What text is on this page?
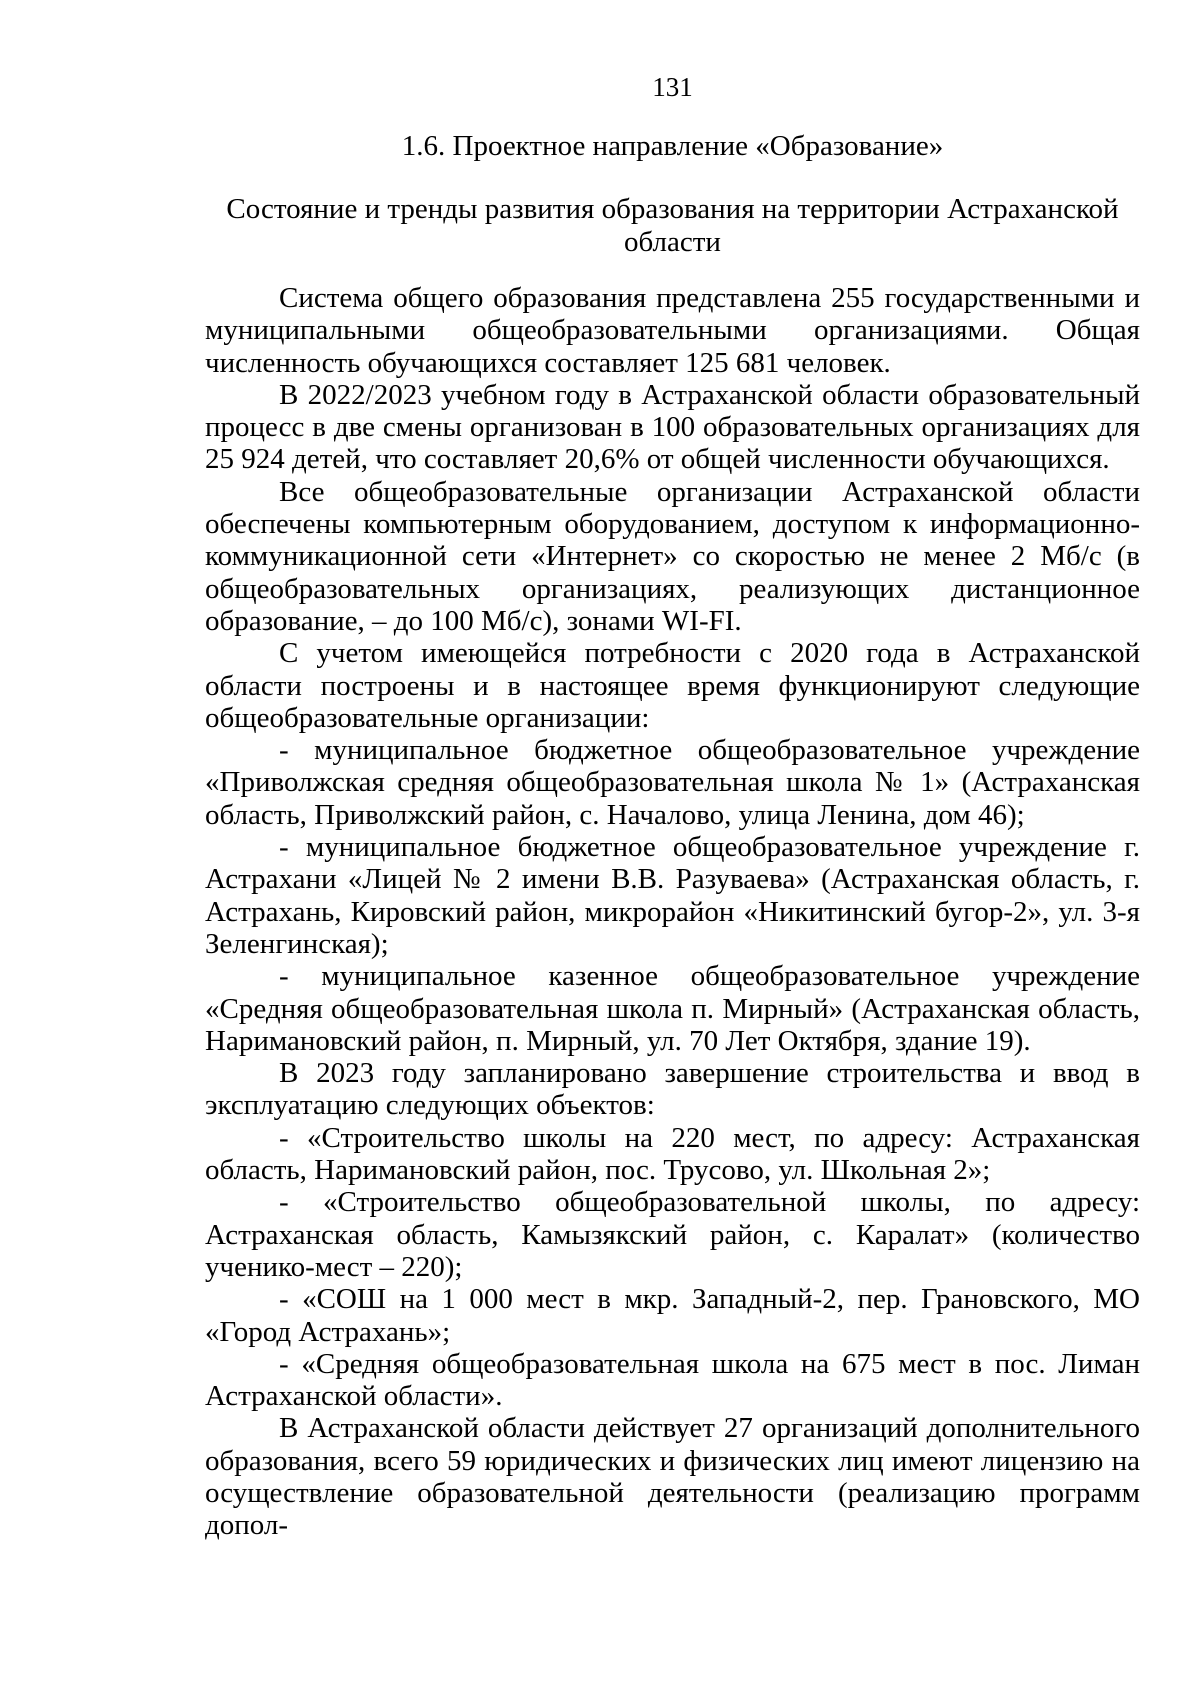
131
1.6. Проектное направление «Образование»
Состояние и тренды развития образования на территории Астраханской области

Система общего образования представлена 255 государственными и муниципальными общеобразовательными организациями. Общая численность обучающихся составляет 125 681 человек.

В 2022/2023 учебном году в Астраханской области образовательный процесс в две смены организован в 100 образовательных организациях для 25 924 детей, что составляет 20,6% от общей численности обучающихся.

Все общеобразовательные организации Астраханской области обеспечены компьютерным оборудованием, доступом к информационно-коммуникационной сети «Интернет» со скоростью не менее 2 Мб/с (в общеобразовательных организациях, реализующих дистанционное образование, – до 100 Мб/с), зонами WI-FI.

С учетом имеющейся потребности с 2020 года в Астраханской области построены и в настоящее время функционируют следующие общеобразовательные организации:

- муниципальное бюджетное общеобразовательное учреждение «Приволжская средняя общеобразовательная школа № 1» (Астраханская область, Приволжский район, с. Началово, улица Ленина, дом 46);

- муниципальное бюджетное общеобразовательное учреждение г. Астрахани «Лицей № 2 имени В.В. Разуваева» (Астраханская область, г. Астрахань, Кировский район, микрорайон «Никитинский бугор-2», ул. 3-я Зеленгинская);

- муниципальное казенное общеобразовательное учреждение «Средняя общеобразовательная школа п. Мирный» (Астраханская область, Наримановский район, п. Мирный, ул. 70 Лет Октября, здание 19).

В 2023 году запланировано завершение строительства и ввод в эксплуатацию следующих объектов:

- «Строительство школы на 220 мест, по адресу: Астраханская область, Наримановский район, пос. Трусово, ул. Школьная 2»;

- «Строительство общеобразовательной школы, по адресу: Астраханская область, Камызякский район, с. Каралат» (количество ученико-мест – 220);

- «СОШ на 1 000 мест в мкр. Западный-2, пер. Грановского, МО «Город Астрахань»;

- «Средняя общеобразовательная школа на 675 мест в пос. Лиман Астраханской области».

В Астраханской области действует 27 организаций дополнительного образования, всего 59 юридических и физических лиц имеют лицензию на осуществление образовательной деятельности (реализацию программ допол-
